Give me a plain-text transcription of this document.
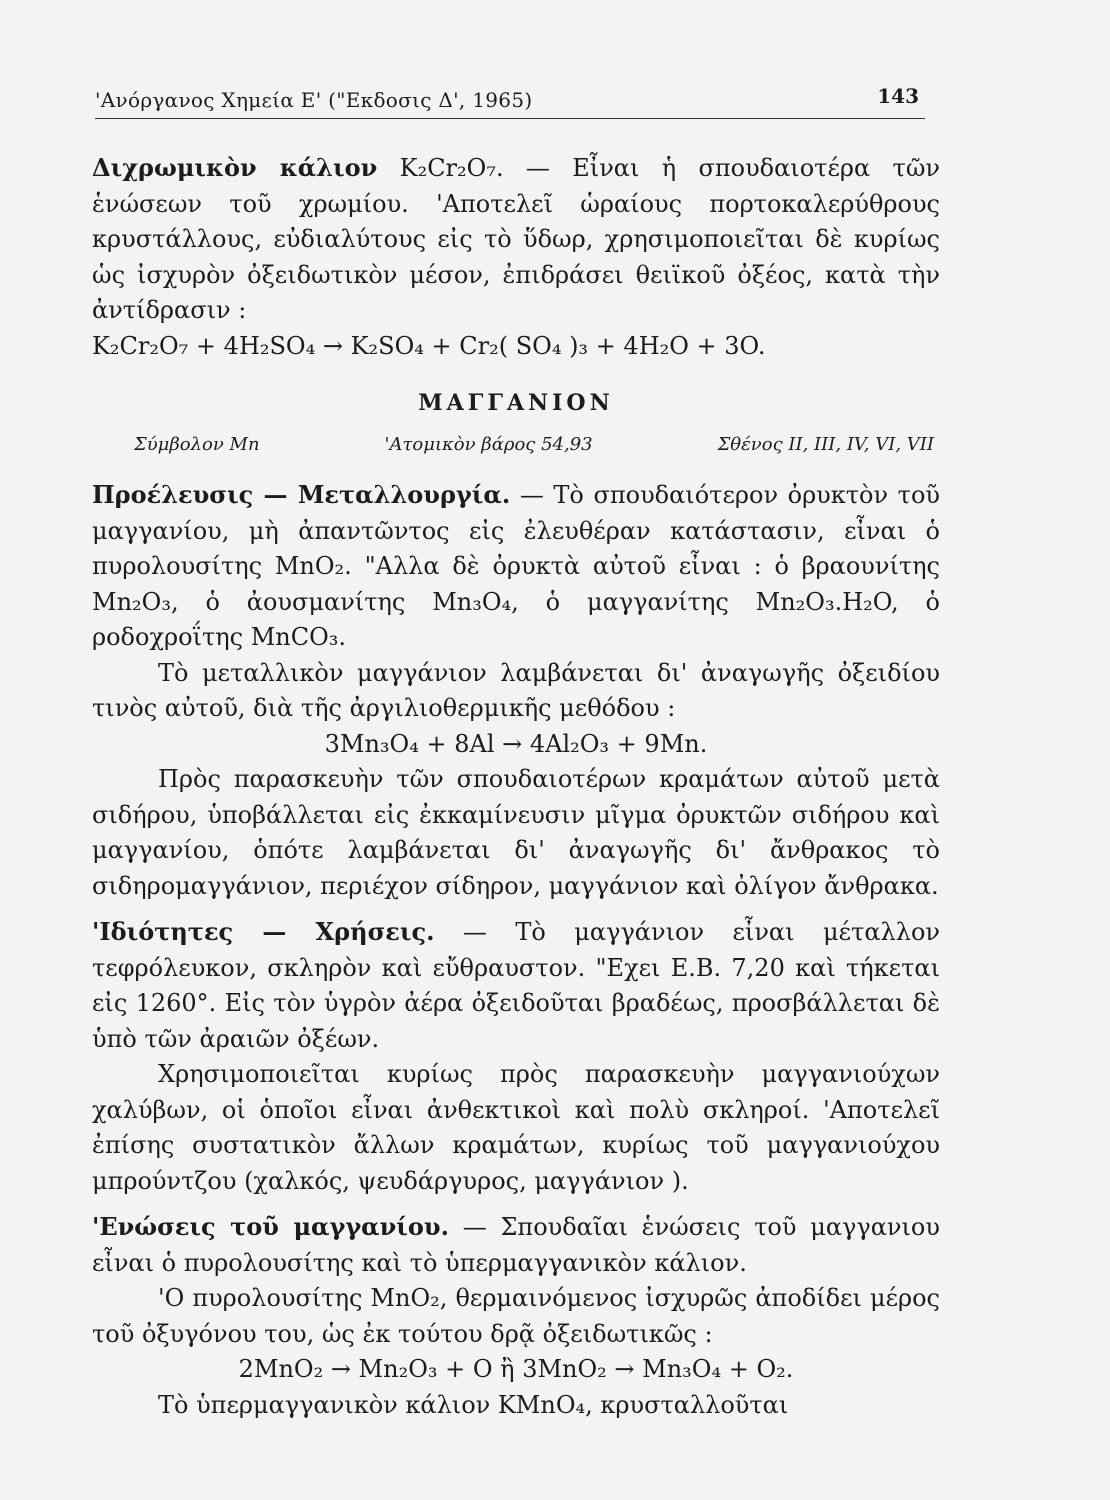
'Ανόργανος Χημεία Ε' ("Εκδοσις Δ', 1965)	143

Διχρωμικὸν κάλιον K₂Cr₂O₇. — Εἶναι ἡ σπουδαιοτέρα τῶν ἑνώσεων τοῦ χρωμίου. 'Αποτελεῖ ὡραίους πορτοκαλερύθρους κρυστάλλους, εὐδιαλύτους εἰς τὸ ὕδωρ, χρησιμοποιεῖται δὲ κυρίως ὡς ἰσχυρὸν ὀξειδωτικὸν μέσον, ἐπιδράσει θειϊκοῦ ὀξέος, κατὰ τὴν ἀντίδρασιν :

K₂Cr₂O₇ + 4H₂SO₄ → K₂SO₄ + Cr₂( SO₄ )₃ + 4H₂O + 3O.

ΜΑΓΓΑΝΙΟΝ
Σύμβολον Mn	'Ατομικὸν βάρος 54,93	Σθένος II, III, IV, VI, VII

Προέλευσις — Μεταλλουργία. — Τὸ σπουδαιότερον ὀρυκτὸν τοῦ μαγγανίου, μὴ ἀπαντῶντος εἰς ἐλευθέραν κατάστασιν, εἶναι ὁ πυρολουσίτης MnO₂. "Αλλα δὲ ὀρυκτὰ αὐτοῦ εἶναι : ὁ βραουνίτης Mn₂O₃, ὁ ἀουσμανίτης Mn₃O₄, ὁ μαγγανίτης Mn₂O₃.H₂O, ὁ ροδοχροΐτης MnCO₃.

Τὸ μεταλλικὸν μαγγάνιον λαμβάνεται δι' ἀναγωγῆς ὀξειδίου τινὸς αὐτοῦ, διὰ τῆς ἀργιλιοθερμικῆς μεθόδου :

3Mn₃O₄ + 8Al → 4Al₂O₃ + 9Mn.

Πρὸς παρασκευὴν τῶν σπουδαιοτέρων κραμάτων αὐτοῦ μετὰ σιδήρου, ὑποβάλλεται εἰς ἐκκαμίνευσιν μῖγμα ὀρυκτῶν σιδήρου καὶ μαγγανίου, ὁπότε λαμβάνεται δι' ἀναγωγῆς δι' ἄνθρακος τὸ σιδηρομαγγάνιον, περιέχον σίδηρον, μαγγάνιον καὶ ὀλίγον ἄνθρακα.

'Ιδιότητες — Χρήσεις. — Τὸ μαγγάνιον εἶναι μέταλλον τεφρόλευκον, σκληρὸν καὶ εὔθραυστον. "Εχει Ε.Β. 7,20 καὶ τήκεται εἰς 1260°. Εἰς τὸν ὑγρὸν ἀέρα ὀξειδοῦται βραδέως, προσβάλλεται δὲ ὑπὸ τῶν ἀραιῶν ὀξέων.

Χρησιμοποιεῖται κυρίως πρὸς παρασκευὴν μαγγανιούχων χαλύβων, οἱ ὁποῖοι εἶναι ἀνθεκτικοὶ καὶ πολὺ σκληροί. 'Αποτελεῖ ἐπίσης συστατικὸν ἄλλων κραμάτων, κυρίως τοῦ μαγγανιούχου μπρούντζου (χαλκός, ψευδάργυρος, μαγγάνιον ).

'Ενώσεις τοῦ μαγγανίου. — Σπουδαῖαι ἑνώσεις τοῦ μαγγανιου εἶναι ὁ πυρολουσίτης καὶ τὸ ὑπερμαγγανικὸν κάλιον.

'Ο πυρολουσίτης MnO₂, θερμαινόμενος ἰσχυρῶς ἀποδίδει μέρος τοῦ ὀξυγόνου του, ὡς ἐκ τούτου δρᾷ ὀξειδωτικῶς :

2MnO₂ → Mn₂O₃ + O ἢ 3MnO₂ → Mn₃O₄ + O₂.

Τὸ ὑπερμαγγανικὸν κάλιον KMnO₄, κρυσταλλοῦται
